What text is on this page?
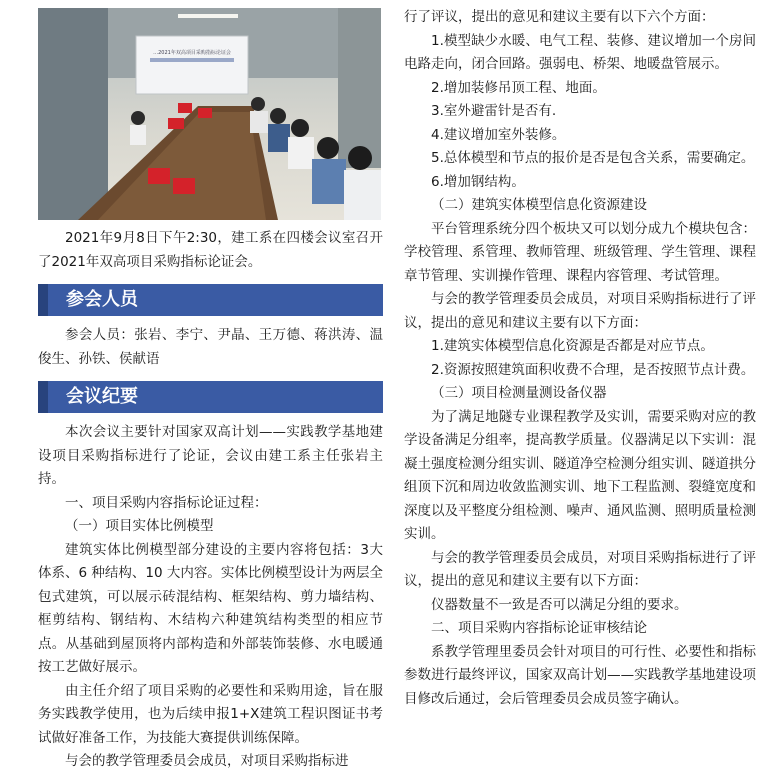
…2021年双高项目采购指标论证会

2021年9月8日下午2:30，建工系在四楼会议室召开了2021年双高项目采购指标论证会。

参会人员

参会人员：张岩、李宁、尹晶、王万德、蒋洪涛、温俊生、孙铁、侯献语

会议纪要

本次会议主要针对国家双高计划——实践教学基地建设项目采购指标进行了论证，会议由建工系主任张岩主持。

一、项目采购内容指标论证过程：

（一）项目实体比例模型

建筑实体比例模型部分建设的主要内容将包括：3大体系、6 种结构、10 大内容。实体比例模型设计为两层全包式建筑，可以展示砖混结构、框架结构、剪力墙结构、框剪结构、钢结构、木结构六种建筑结构类型的相应节点。从基础到屋顶将内部构造和外部装饰装修、水电暖通按工艺做好展示。

由主任介绍了项目采购的必要性和采购用途，旨在服务实践教学使用，也为后续申报1+X建筑工程识图证书考试做好准备工作，为技能大赛提供训练保障。

与会的教学管理委员会成员，对项目采购指标进

行了评议，提出的意见和建议主要有以下六个方面：

1.模型缺少水暖、电气工程、装修、建议增加一个房间电路走向，闭合回路。强弱电、桥架、地暖盘管展示。

2.增加装修吊顶工程、地面。

3.室外避雷针是否有.

4.建议增加室外装修。

5.总体模型和节点的报价是否是包含关系，需要确定。

6.增加钢结构。

（二）建筑实体模型信息化资源建设

平台管理系统分四个板块又可以划分成九个模块包含：学校管理、系管理、教师管理、班级管理、学生管理、课程章节管理、实训操作管理、课程内容管理、考试管理。

与会的教学管理委员会成员，对项目采购指标进行了评议，提出的意见和建议主要有以下方面：

1.建筑实体模型信息化资源是否都是对应节点。

2.资源按照建筑面积收费不合理，是否按照节点计费。

（三）项目检测量测设备仪器

为了满足地隧专业课程教学及实训，需要采购对应的教学设备满足分组率，提高教学质量。仪器满足以下实训：混凝土强度检测分组实训、隧道净空检测分组实训、隧道拱分组顶下沉和周边收敛监测实训、地下工程监测、裂缝宽度和深度以及平整度分组检测、噪声、通风监测、照明质量检测实训。

与会的教学管理委员会成员，对项目采购指标进行了评议，提出的意见和建议主要有以下方面：

仪器数量不一致是否可以满足分组的要求。

二、项目采购内容指标论证审核结论

系教学管理里委员会针对项目的可行性、必要性和指标参数进行最终评议，国家双高计划——实践教学基地建设项目修改后通过，会后管理委员会成员签字确认。
